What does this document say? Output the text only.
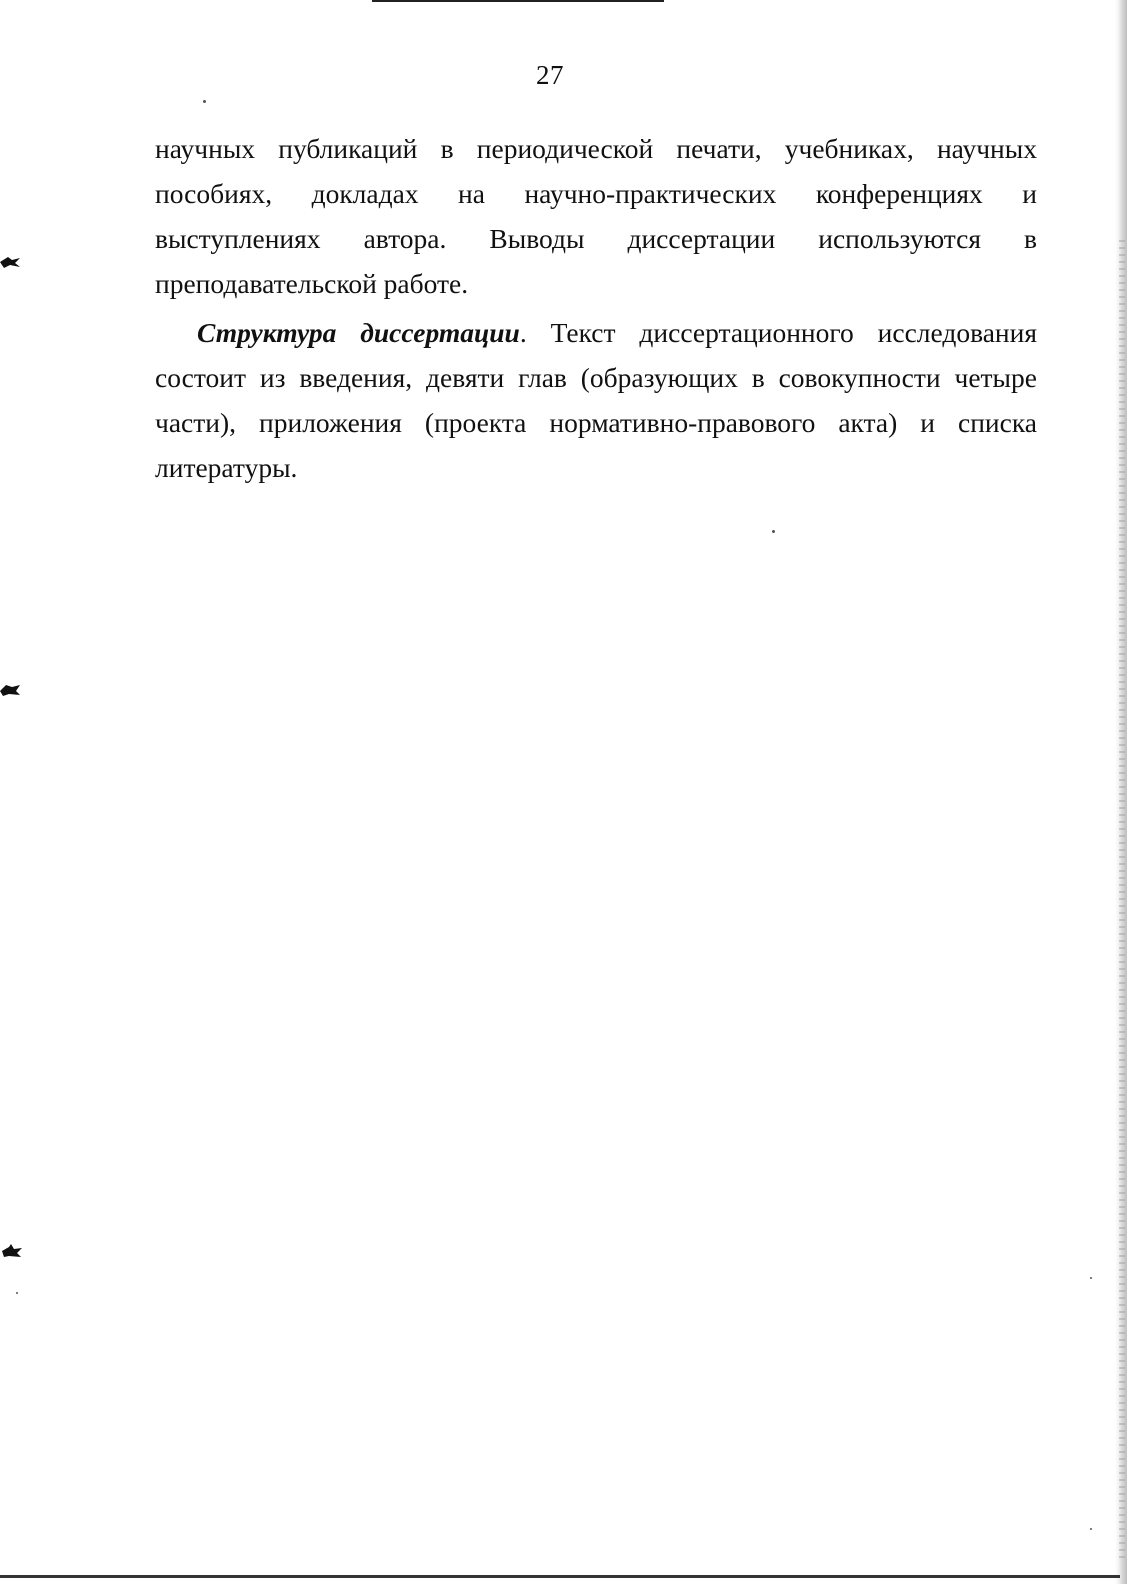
27

научных публикаций в периодической печати, учебниках, научных пособиях, докладах на научно-практических конференциях и выступлениях автора. Выводы диссертации используются в преподавательской работе.

Структура диссертации. Текст диссертационного исследования состоит из введения, девяти глав (образующих в совокупности четыре части), приложения (проекта нормативно-правового акта) и списка литературы.
